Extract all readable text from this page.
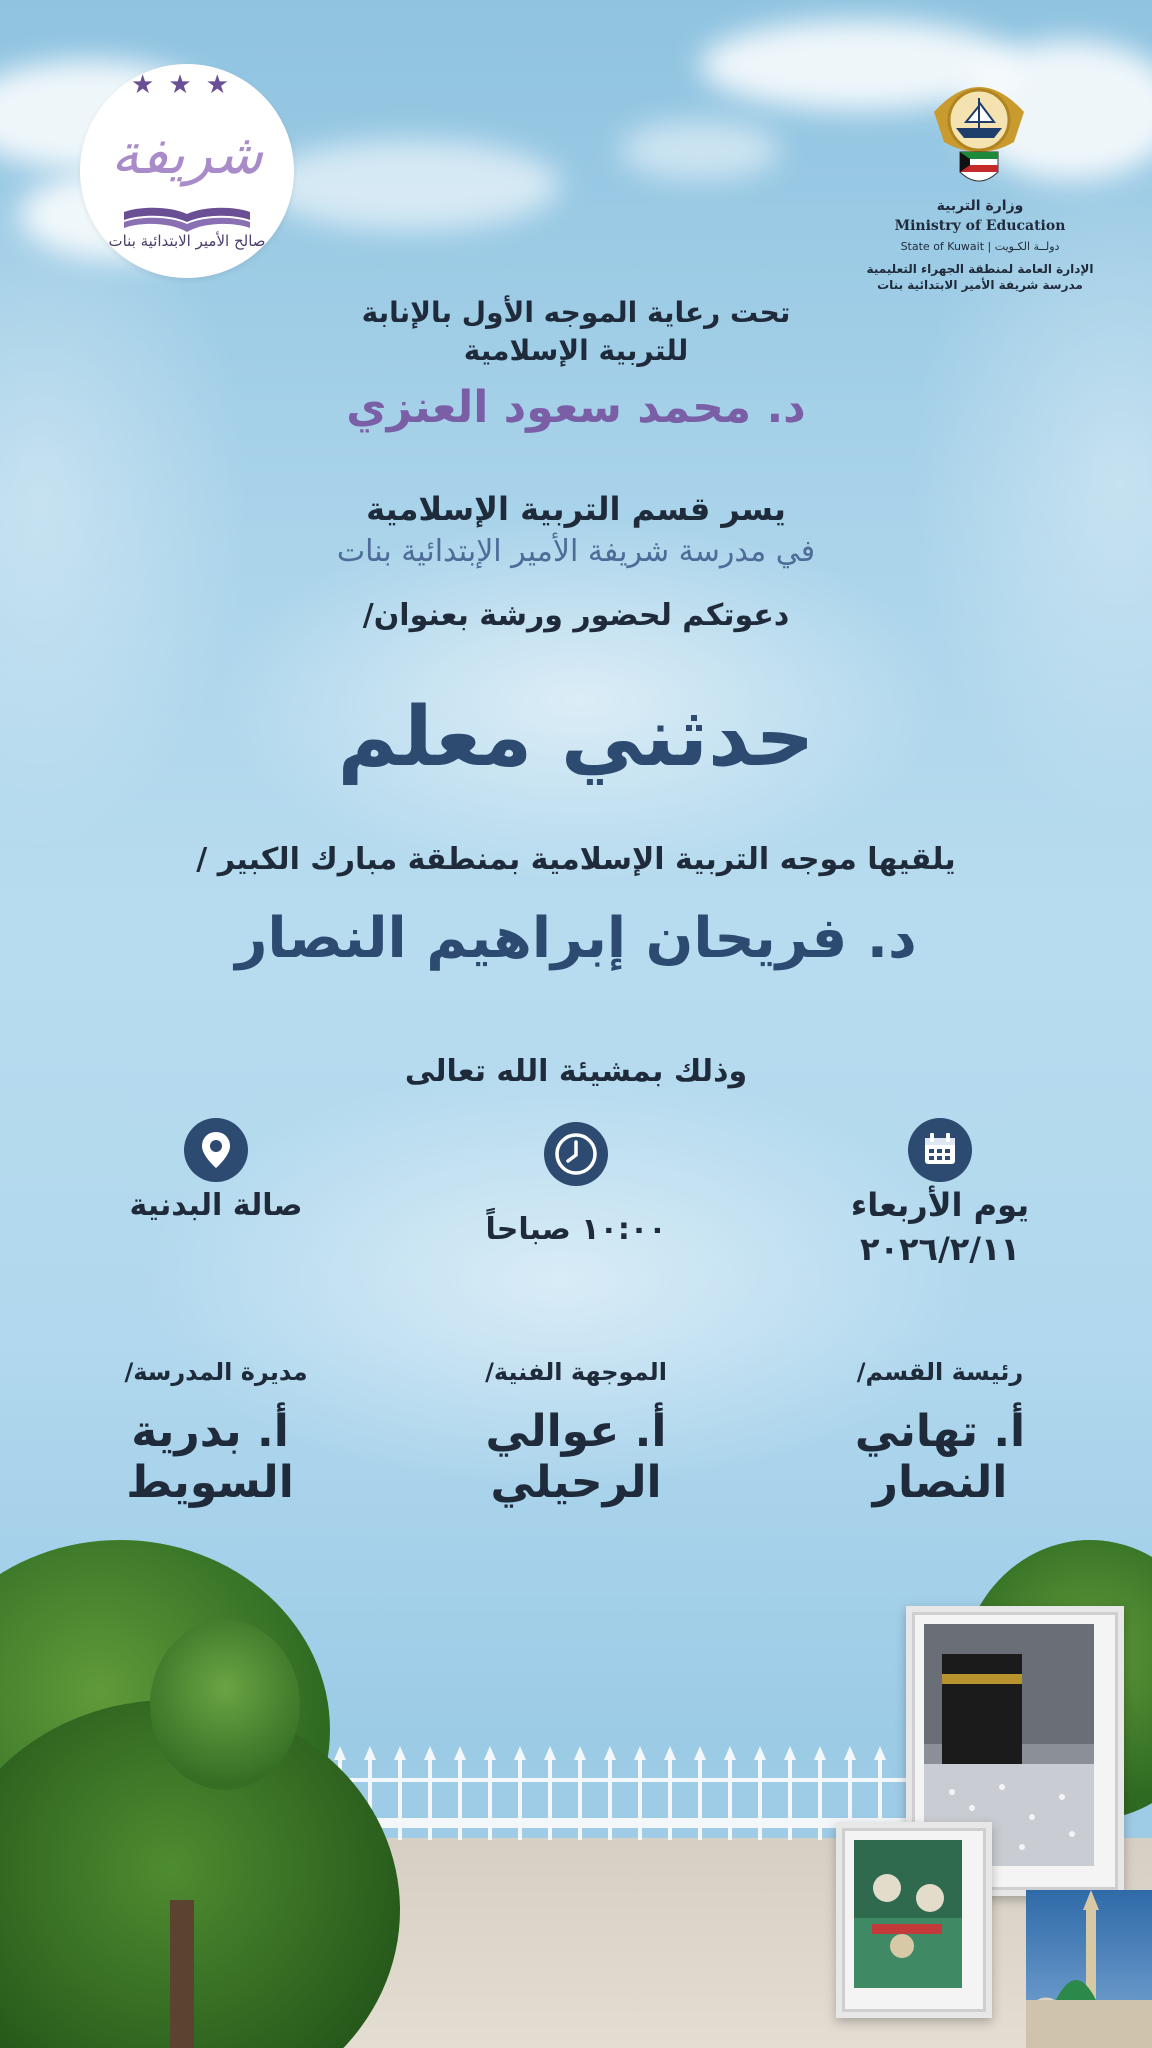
★★★
شريفة
صالح الأمير الابتدائية بنات
وزارة التربية
Ministry of Education
State of Kuwait | دولــة الكـويت
الإدارة العامة لمنطقة الجهراء التعليمية
مدرسة شريفة الأمير الابتدائية بنات
تحت رعاية الموجه الأول بالإنابة
للتربية الإسلامية
د. محمد سعود العنزي
يسر قسم التربية الإسلامية
في مدرسة شريفة الأمير الإبتدائية بنات
دعوتكم لحضور ورشة بعنوان/
حدثني معلم
يلقيها موجه التربية الإسلامية بمنطقة مبارك الكبير /
د. فريحان إبراهيم النصار
وذلك بمشيئة الله تعالى
يوم الأربعاء
٢٠٢٦/٢/١١
١٠:٠٠ صباحاً
صالة البدنية
رئيسة القسم/
أ. تهاني النصار
الموجهة الفنية/
أ. عوالي الرحيلي
مديرة المدرسة/
أ. بدرية السويط
